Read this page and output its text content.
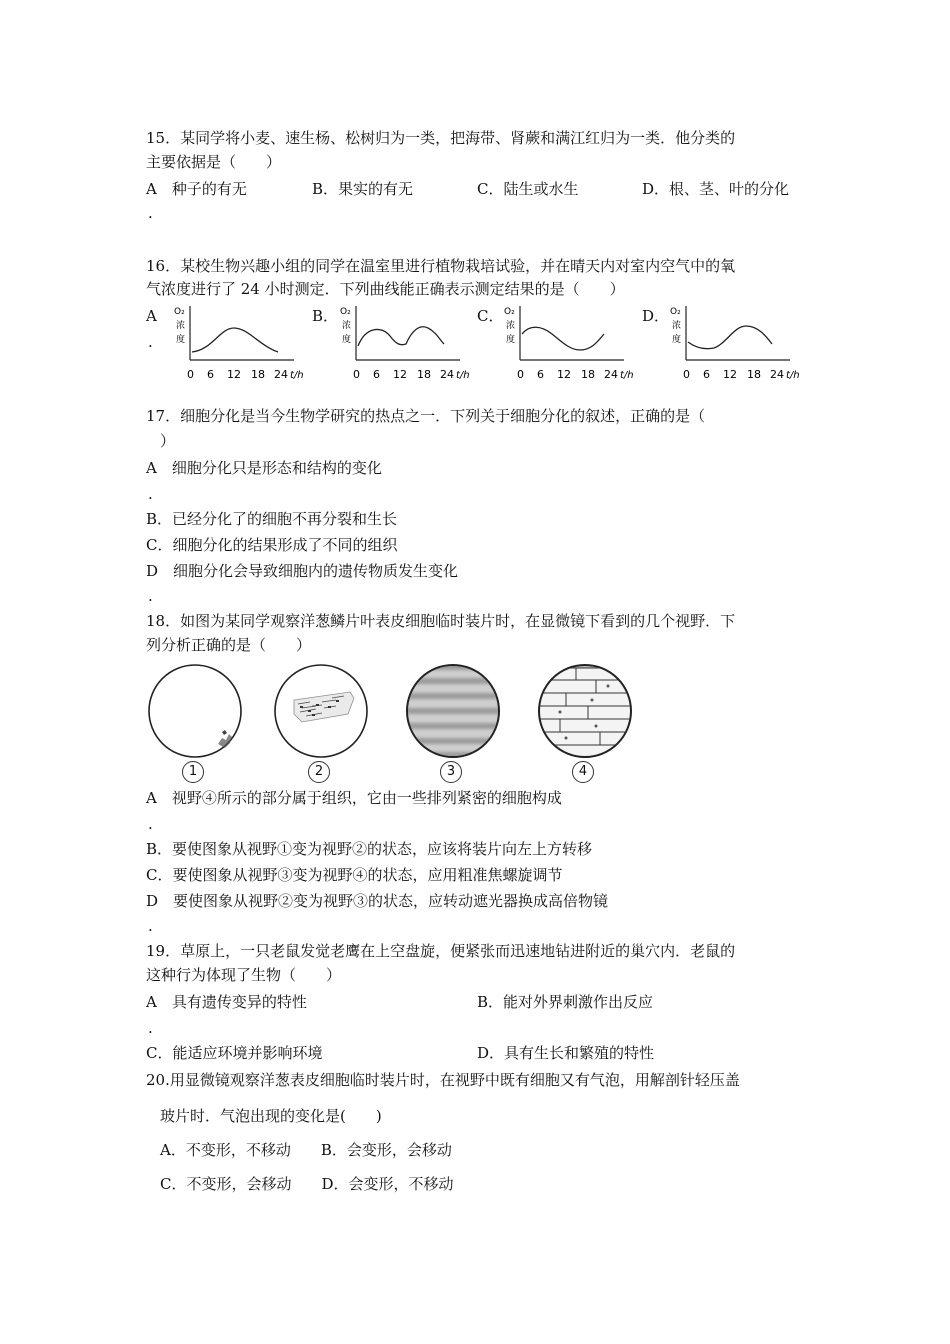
15．某同学将小麦、速生杨、松树归为一类，把海带、肾蕨和满江红归为一类．他分类的
主要依据是（　　）
A　种子的有无	B．果实的有无	C．陆生或水生	D．根、茎、叶的分化
.
16．某校生物兴趣小组的同学在温室里进行植物栽培试验，并在晴天内对室内空气中的氧
气浓度进行了 24 小时测定．下列曲线能正确表示测定结果的是（　　）
A
.
B．	C．	D．
O₂
浓
度
0 6 12 18 24 t/h
O₂
浓
度
0 6 12 18 24 t/h
O₂
浓
度
0 6 12 18 24 t/h
O₂
浓
度
0 6 12 18 24 t/h
17．细胞分化是当今生物学研究的热点之一．下列关于细胞分化的叙述，正确的是（
）
A　细胞分化只是形态和结构的变化
.
B．已经分化了的细胞不再分裂和生长
C．细胞分化的结果形成了不同的组织
D　细胞分化会导致细胞内的遗传物质发生变化
.
18．如图为某同学观察洋葱鳞片叶表皮细胞临时装片时，在显微镜下看到的几个视野．下
列分析正确的是（　　）
1	2	3	4
A　视野④所示的部分属于组织，它由一些排列紧密的细胞构成
.
B．要使图象从视野①变为视野②的状态，应该将装片向左上方转移
C．要使图象从视野③变为视野④的状态，应用粗准焦螺旋调节
D　要使图象从视野②变为视野③的状态，应转动遮光器换成高倍物镜
.
19．草原上，一只老鼠发觉老鹰在上空盘旋，便紧张而迅速地钻进附近的巢穴内．老鼠的
这种行为体现了生物（　　）
A　具有遗传变异的特性	B．能对外界刺激作出反应
.
C．能适应环境并影响环境	D．具有生长和繁殖的特性
20.用显微镜观察洋葱表皮细胞临时装片时，在视野中既有细胞又有气泡，用解剖针轻压盖
玻片时．气泡出现的变化是(　　)
A．不变形，不移动　　B．会变形，会移动
C．不变形，会移动　　D．会变形，不移动
